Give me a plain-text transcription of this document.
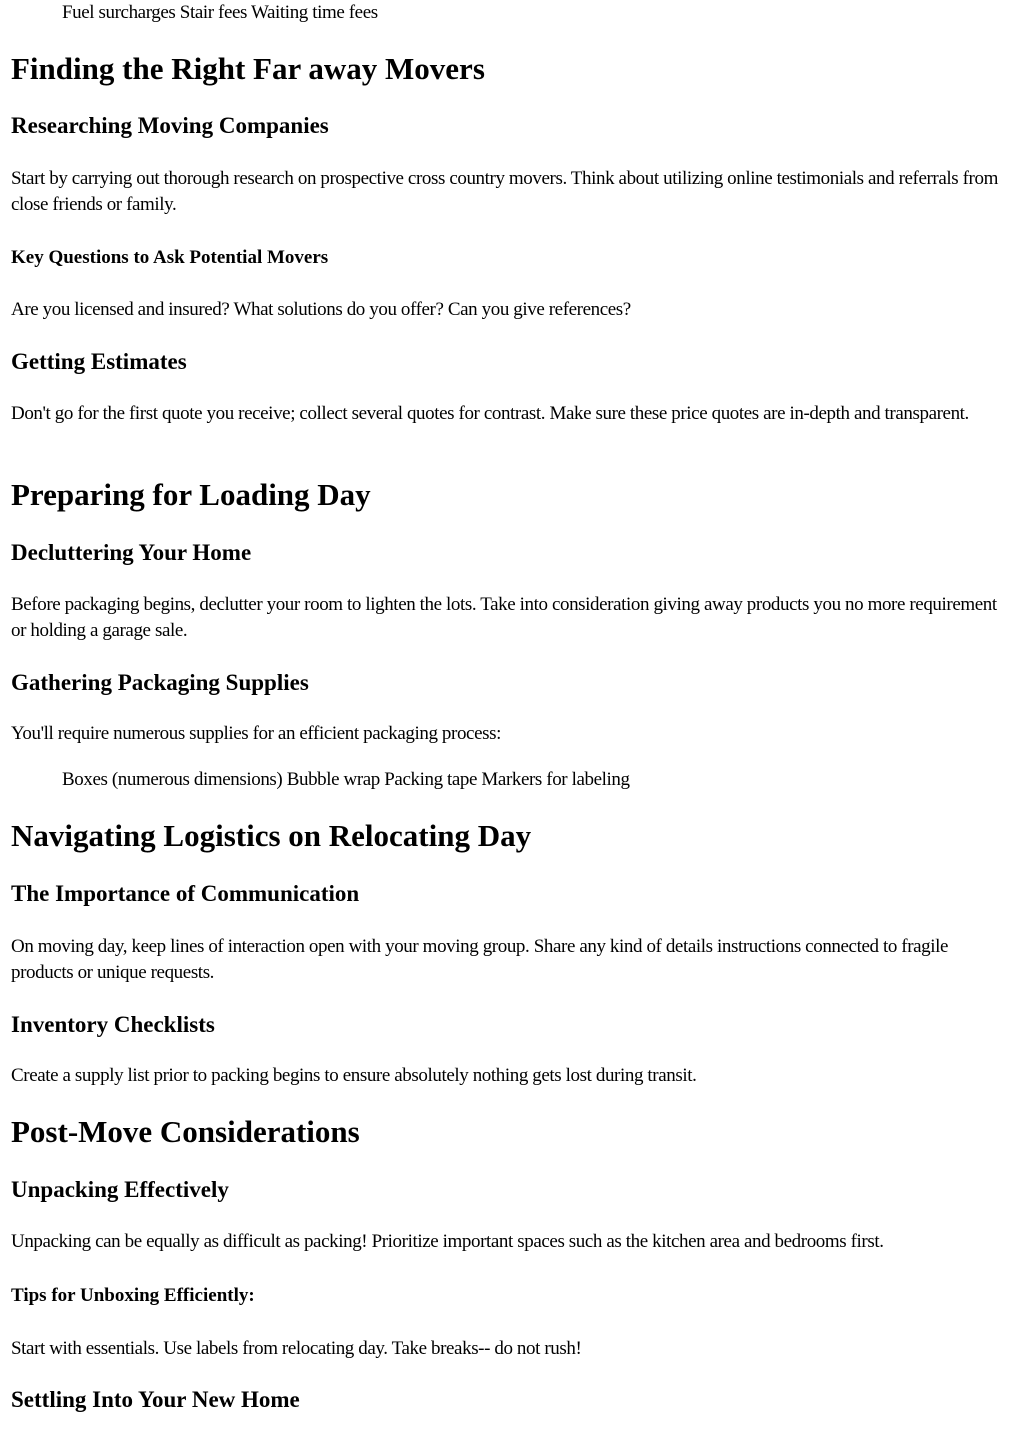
Fuel surcharges Stair fees Waiting time fees

Finding the Right Far away Movers
Researching Moving Companies

Start by carrying out thorough research on prospective cross country movers. Think about utilizing online testimonials and referrals from close friends or family.

Key Questions to Ask Potential Movers

Are you licensed and insured? What solutions do you offer? Can you give references?

Getting Estimates

Don't go for the first quote you receive; collect several quotes for contrast. Make sure these price quotes are in-depth and transparent.

Preparing for Loading Day
Decluttering Your Home

Before packaging begins, declutter your room to lighten the lots. Take into consideration giving away products you no more requirement or holding a garage sale.

Gathering Packaging Supplies

You'll require numerous supplies for an efficient packaging process:

Boxes (numerous dimensions) Bubble wrap Packing tape Markers for labeling

Navigating Logistics on Relocating Day
The Importance of Communication

On moving day, keep lines of interaction open with your moving group. Share any kind of details instructions connected to fragile products or unique requests.

Inventory Checklists

Create a supply list prior to packing begins to ensure absolutely nothing gets lost during transit.

Post-Move Considerations
Unpacking Effectively

Unpacking can be equally as difficult as packing! Prioritize important spaces such as the kitchen area and bedrooms first.

Tips for Unboxing Efficiently:

Start with essentials. Use labels from relocating day. Take breaks-- do not rush!

Settling Into Your New Home
